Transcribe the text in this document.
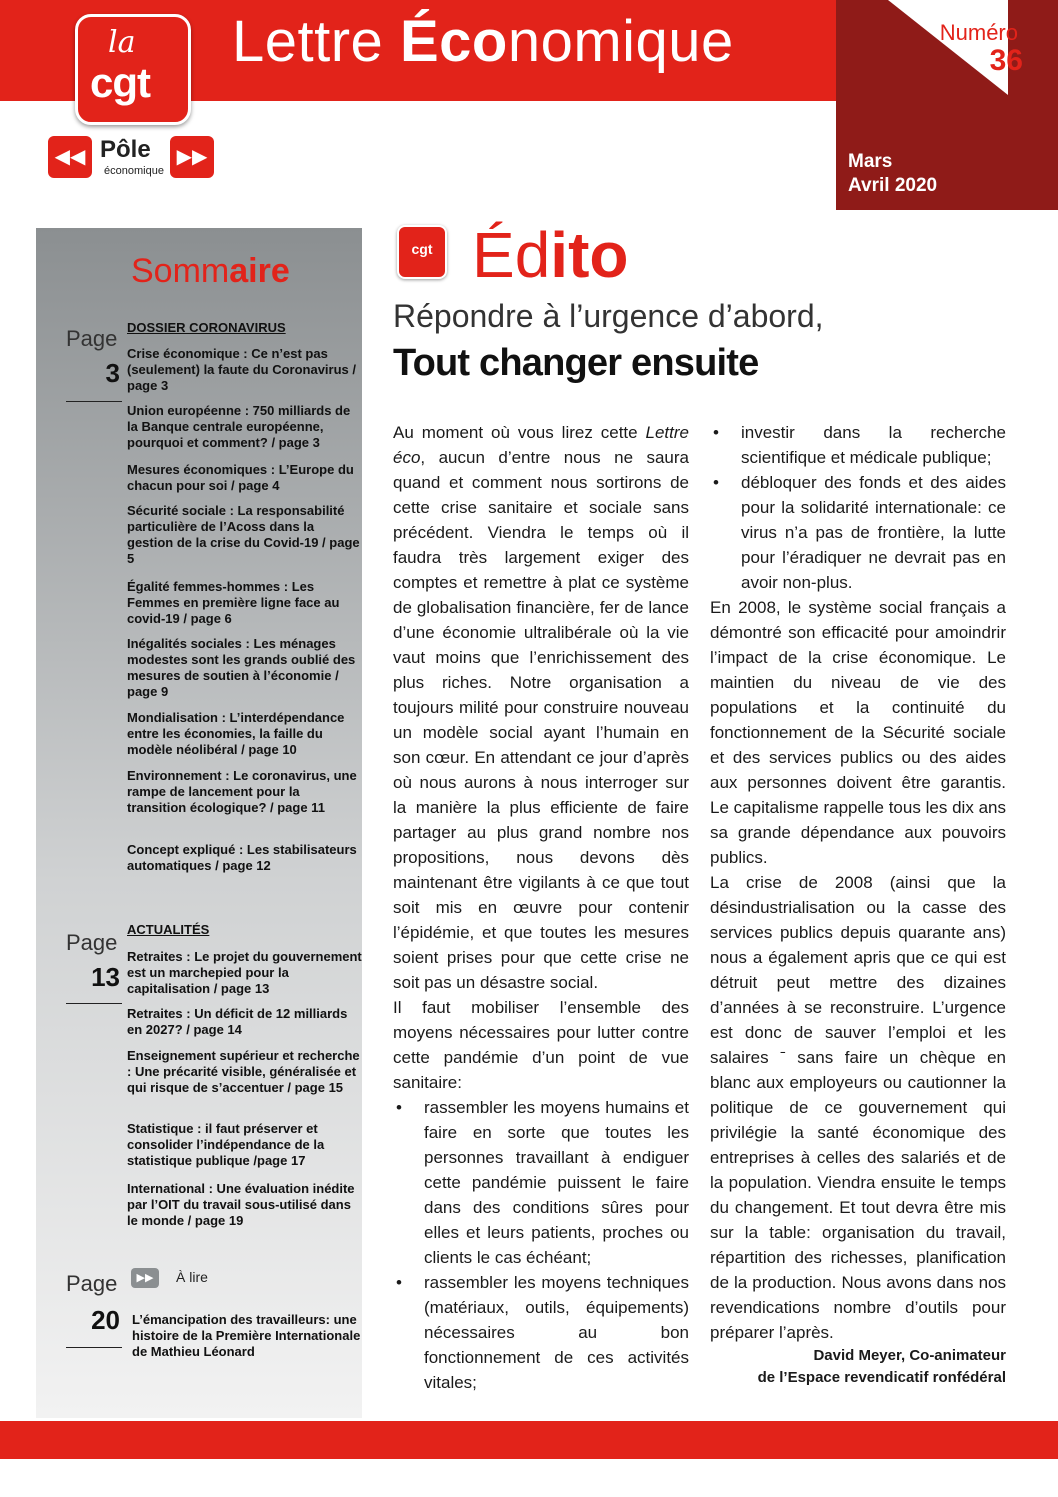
Lettre Économique	Numéro
36
Mars
Avril 2020
la
cgt
◀◀ Pôle
économique
▶▶
Sommaire
Page
3
DOSSIER CORONAVIRUS
Crise économique : Ce n’est pas (seulement) la faute du Coronavirus / page 3
Union européenne : 750 milliards de la Banque centrale européenne, pourquoi et comment? / page 3
Mesures économiques : L’Europe du chacun pour soi / page 4
Sécurité sociale : La responsabilité particulière de l’Acoss dans la gestion de la crise du Covid-19 / page 5
Égalité femmes-hommes : Les Femmes en première ligne face au covid-19 / page 6
Inégalités sociales : Les ménages modestes sont les grands oublié des mesures de soutien à l’économie / page 9
Mondialisation : L’interdépendance entre les économies, la faille du modèle néolibéral / page 10
Environnement : Le coronavirus, une rampe de lancement pour la transition écologique? / page 11
Concept expliqué : Les stabilisateurs automatiques / page 12
Page
13
ACTUALITÉS
Retraites : Le projet du gouvernement est un marchepied pour la capitalisation / page 13
Retraites : Un déficit de 12 milliards en 2027? / page 14
Enseignement supérieur et recherche : Une précarité visible, généralisée et qui risque de s’accentuer / page 15
Statistique : il faut préserver et consolider l’indépendance de la statistique publique /page 17
International : Une évaluation inédite par l’OIT du travail sous-utilisé dans le monde / page 19
Page
20
▶▶	À lire
L’émancipation des travailleurs: une histoire de la Première Internationale de Mathieu Léonard
cgt Édito
Répondre à l’urgence d’abord,
Tout changer ensuite

Au moment où vous lirez cette Lettre éco, aucun d’entre nous ne saura quand et comment nous sortirons de cette crise sanitaire et sociale sans précédent. Viendra le temps où il faudra très largement exiger des comptes et remettre à plat ce système de globalisation financière, fer de lance d’une économie ultralibérale où la vie vaut moins que l’enrichissement des plus riches. Notre organisation a toujours milité pour construire nouveau un modèle social ayant l’humain en son cœur. En attendant ce jour d’après où nous aurons à nous interroger sur la manière la plus efficiente de faire partager au plus grand nombre nos propositions, nous devons dès maintenant être vigilants à ce que tout soit mis en œuvre pour contenir l’épidémie, et que toutes les mesures soient prises pour que cette crise ne soit pas un désastre social.

Il faut mobiliser l’ensemble des moyens nécessaires pour lutter contre cette pandémie d’un point de vue sanitaire:

• rassembler les moyens humains et faire en sorte que toutes les personnes travaillant à endiguer cette pandémie puissent le faire dans des conditions sûres pour elles et leurs patients, proches ou clients le cas échéant;
• rassembler les moyens techniques (matériaux, outils, équipements) nécessaires au bon fonctionnement de ces activités vitales;
• investir dans la recherche scientifique et médicale publique;
• débloquer des fonds et des aides pour la solidarité internationale: ce virus n’a pas de frontière, la lutte pour l’éradiquer ne devrait pas en avoir non-plus.

En 2008, le système social français a démontré son efficacité pour amoindrir l’impact de la crise économique. Le maintien du niveau de vie des populations et la continuité du fonctionnement de la Sécurité sociale et des services publics ou des aides aux personnes doivent être garantis. Le capitalisme rappelle tous les dix ans sa grande dépendance aux pouvoirs publics.

La crise de 2008 (ainsi que la désindustrialisation ou la casse des services publics depuis quarante ans) nous a également apris que ce qui est détruit peut mettre des dizaines d’années à se reconstruire. L’urgence est donc de sauver l’emploi et les salaires ˉ sans faire un chèque en blanc aux employeurs ou cautionner la politique de ce gouvernement qui privilégie la santé économique des entreprises à celles des salariés et de la population. Viendra ensuite le temps du changement. Et tout devra être mis sur la table: organisation du travail, répartition des richesses, planification de la production. Nous avons dans nos revendications nombre d’outils pour préparer l’après.

David Meyer, Co-animateur
de l’Espace revendicatif ronfédéral
